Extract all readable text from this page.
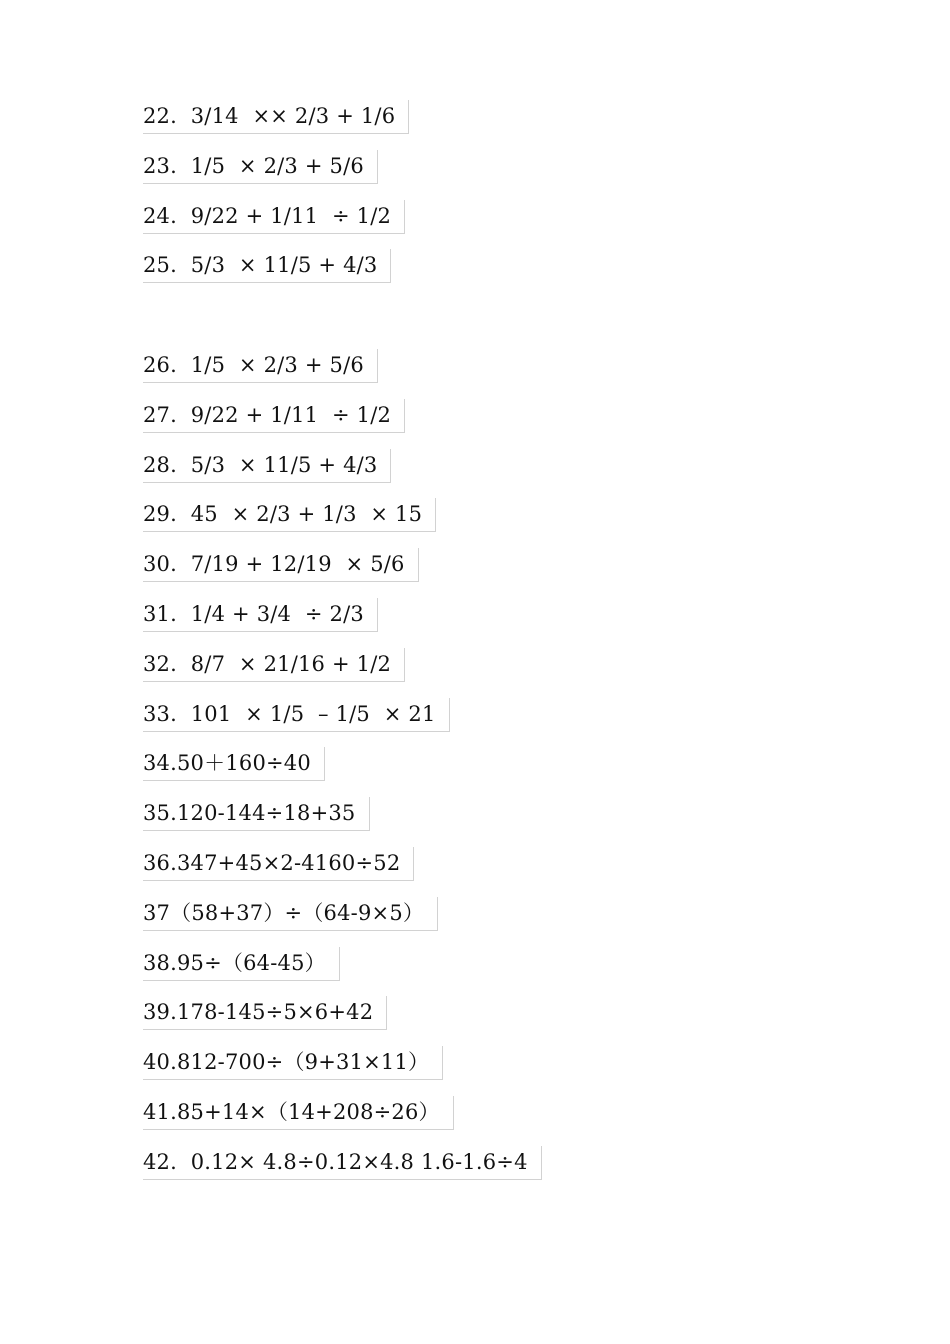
22.  3/14  ×× 2/3 + 1/6
23.  1/5  × 2/3 + 5/6
24.  9/22 + 1/11  ÷ 1/2
25.  5/3  × 11/5 + 4/3
26.  1/5  × 2/3 + 5/6
27.  9/22 + 1/11  ÷ 1/2
28.  5/3  × 11/5 + 4/3
29.  45  × 2/3 + 1/3  × 15
30.  7/19 + 12/19  × 5/6
31.  1/4 + 3/4  ÷ 2/3
32.  8/7  × 21/16 + 1/2
33.  101  × 1/5  – 1/5  × 21
34.50＋160÷40
35.120-144÷18+35
36.347+45×2-4160÷52
37（58+37）÷（64-9×5）
38.95÷（64-45）
39.178-145÷5×6+42
40.812-700÷（9+31×11）
41.85+14×（14+208÷26）
42.  0.12× 4.8÷0.12×4.8 1.6-1.6÷4
